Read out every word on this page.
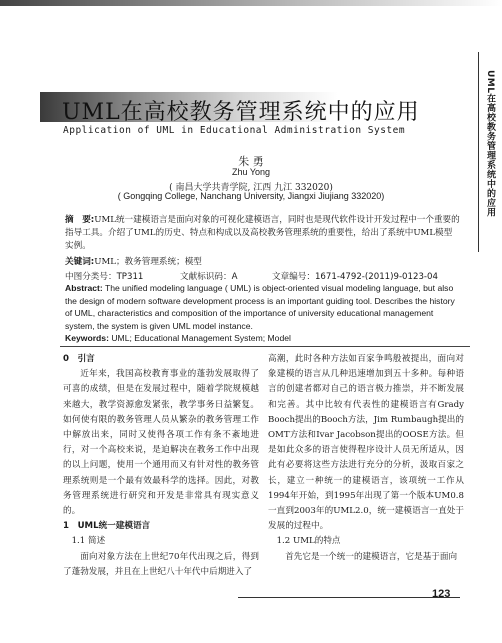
UML在高校教务管理系统中的应用
UML在高校教务管理系统中的应用
Application of UML in Educational Administration System
朱 勇
Zhu Yong
( 南昌大学共青学院, 江西 九江 332020)
( Gongqing College, Nanchang University, Jiangxi Jiujiang 332020)
摘　要:UML统一建模语言是面向对象的可视化建模语言，同时也是现代软件设计开发过程中一个重要的指导工具。介绍了UML的历史、特点和构成以及高校教务管理系统的重要性，给出了系统中UML模型实例。
关键词:UML；教务管理系统；模型
中图分类号：TP311	文献标识码：A	文章编号：1671-4792-(2011)9-0123-04
Abstract: The unified modeling language ( UML) is object-oriented visual modeling language, but also the design of modern software development process is an important guiding tool. Describes the history of UML, characteristics and composition of the importance of university educational management system, the system is given UML model instance.
Keywords: UML; Educational Management System; Model

0　引言

近年来，我国高校教育事业的蓬勃发展取得了可喜的成绩，但是在发展过程中，随着学院规模越来越大，教学资源愈发紧张，教学事务日益繁复。如何使有限的教务管理人员从繁杂的教务管理工作中解放出来，同时又使得各项工作有条不紊地进行，对一个高校来说，是迫解决在教务工作中出现的以上问题，使用一个通用而又有针对性的教务管理系统则是一个最有效最科学的选择。因此，对教务管理系统进行研究和开发是非常具有现实意义的。

1　UML统一建模语言

1.1 简述

面向对象方法在上世纪70年代出现之后，得到了蓬勃发展，并且在上世纪八十年代中后期进入了

高潮，此时各种方法如百家争鸣般被提出，面向对象建模的语言从几种迅速增加到五十多种。每种语言的创建者都对自己的语言极力推崇，并不断发展和完善。其中比较有代表性的建模语言有Grady Booch提出的Booch方法，Jim Rumbaugh提出的OMT方法和Ivar Jacobson提出的OOSE方法。但是如此众多的语言使得程序设计人员无所适从，因此有必要将这些方法进行充分的分析，汲取百家之长，建立一种统一的建模语言，该项统一工作从1994年开始，到1995年出现了第一个版本UM0.8一直到2003年的UML2.0，统一建模语言一直处于发展的过程中。

1.2 UML的特点

首先它是一个统一的建模语言，它是基于面向

123
